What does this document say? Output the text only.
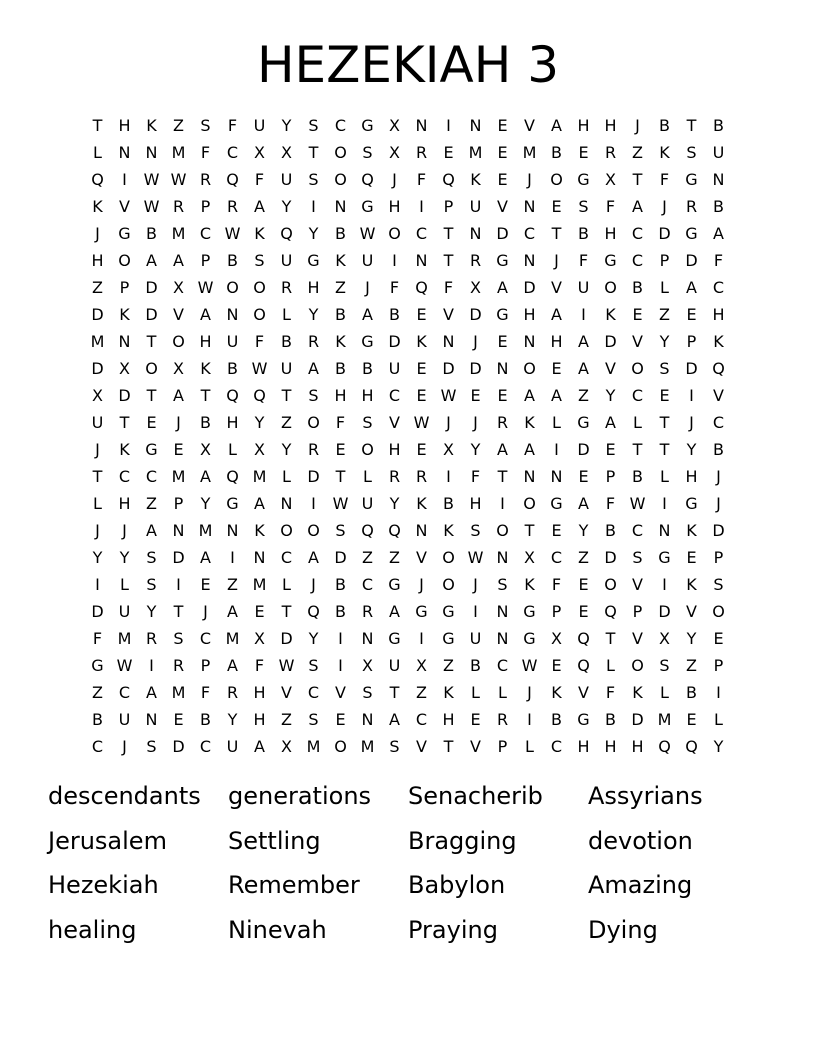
HEZEKIAH 3
T	H K	Z	S	F	U	Y	S	C G X N	I	N E	V	A H H	J	B	T	B
L	N N M F	C X	X	T O S	X R	E M E M B	E	R Z	K	S	U
Q	I	W W R Q	F	U	S O Q	J	F	Q K	E	J	O G X	T	F	G N
K	V W R	P	R A	Y	I	N G H	I	P	U V N E	S	F	A	J	R B
J	G B M C W K Q Y	B W O C	T	N D C	T	B H C D G A
H O A	A	P	B	S	U G K U	I	N	T	R G N	J	F	G C	P	D	F
Z	P	D X W O O R H Z	J	F	Q	F	X	A D V U O B	L	A C
D K D V	A N O	L	Y	B	A	B	E	V D G H A	I	K	E	Z	E H
M N	T O H U	F	B R	K G D K N	J	E N H A D V	Y	P	K
D X O X	K	B W U A	B	B U	E D D N O E	A	V O S D Q
X D T	A	T Q Q T	S H H C	E W E	E	A	A	Z	Y	C	E	I	V
U	T	E	J	B H	Y	Z O	F	S	V W	J	J	R	K	L	G A	L	T	J	C
J	K G E	X	L	X	Y	R	E O H E	X	Y	A	A	I	D E	T	T	Y	B
T	C C M A Q M L	D T	L	R R	I	F	T	N N E	P	B	L	H	J
L	H Z	P	Y G A N	I	W U	Y	K	B H	I	O G A	F W	I	G	J
J	J	A N M N K O O S Q Q N K	S O T	E	Y	B C N K D
Y	Y	S D A	I	N C A D Z	Z	V O W N X C Z D S G E	P
I	L	S	I	E	Z M L	J	B C G	J	O	J	S	K	F	E O V	I	K	S
D U	Y	T	J	A	E	T Q B R A G G	I	N G P	E Q P	D V O
F M R	S	C M X D Y	I	N G	I	G U N G X Q T	V	X	Y	E
G W	I	R	P	A	F W S	I	X U X	Z	B C W E Q	L	O S	Z	P
Z C A M F	R H V C V	S	T	Z	K	L	L	J	K	V	F	K	L	B	I
B U N E	B	Y	H Z	S	E N A C H E	R	I	B G B D M E	L
C	J	S D C U A	X M O M S	V	T	V	P	L	C H H H Q Q Y
descendants	generations	Senacherib	Assyrians
Jerusalem	Settling	Bragging	devotion
Hezekiah	Remember	Babylon	Amazing
healing	Ninevah	Praying	Dying
